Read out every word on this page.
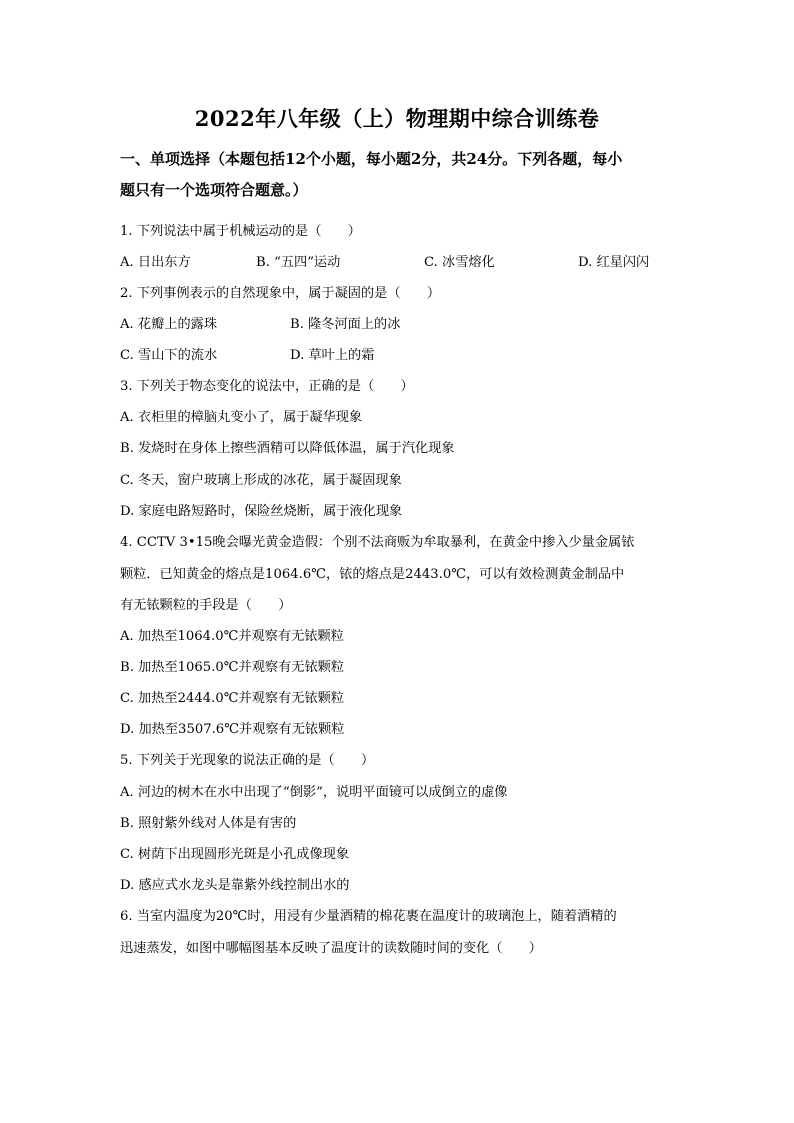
2022年八年级（上）物理期中综合训练卷
一、单项选择（本题包括12个小题，每小题2分，共24分。下列各题，每小
题只有一个选项符合题意。）
1. 下列说法中属于机械运动的是（　　）
A. 日出东方	B. “五四”运动	C. 冰雪熔化	D. 红星闪闪
2. 下列事例表示的自然现象中，属于凝固的是（　　）
A. 花瓣上的露珠	B. 隆冬河面上的冰
C. 雪山下的流水	D. 草叶上的霜
3. 下列关于物态变化的说法中，正确的是（　　）
A. 衣柜里的樟脑丸变小了，属于凝华现象
B. 发烧时在身体上擦些酒精可以降低体温，属于汽化现象
C. 冬天，窗户玻璃上形成的冰花，属于凝固现象
D. 家庭电路短路时，保险丝烧断，属于液化现象
4. CCTV 3•15晚会曝光黄金造假：个别不法商贩为牟取暴利，在黄金中掺入少量金属铱
颗粒．已知黄金的熔点是1064.6℃，铱的熔点是2443.0℃，可以有效检测黄金制品中
有无铱颗粒的手段是（　　）
A. 加热至1064.0℃并观察有无铱颗粒
B. 加热至1065.0℃并观察有无铱颗粒
C. 加热至2444.0℃并观察有无铱颗粒
D. 加热至3507.6℃并观察有无铱颗粒
5. 下列关于光现象的说法正确的是（　　）
A. 河边的树木在水中出现了“倒影”，说明平面镜可以成倒立的虚像
B. 照射紫外线对人体是有害的
C. 树荫下出现圆形光斑是小孔成像现象
D. 感应式水龙头是靠紫外线控制出水的
6. 当室内温度为20℃时，用浸有少量酒精的棉花裹在温度计的玻璃泡上，随着酒精的
迅速蒸发，如图中哪幅图基本反映了温度计的读数随时间的变化（　　）
